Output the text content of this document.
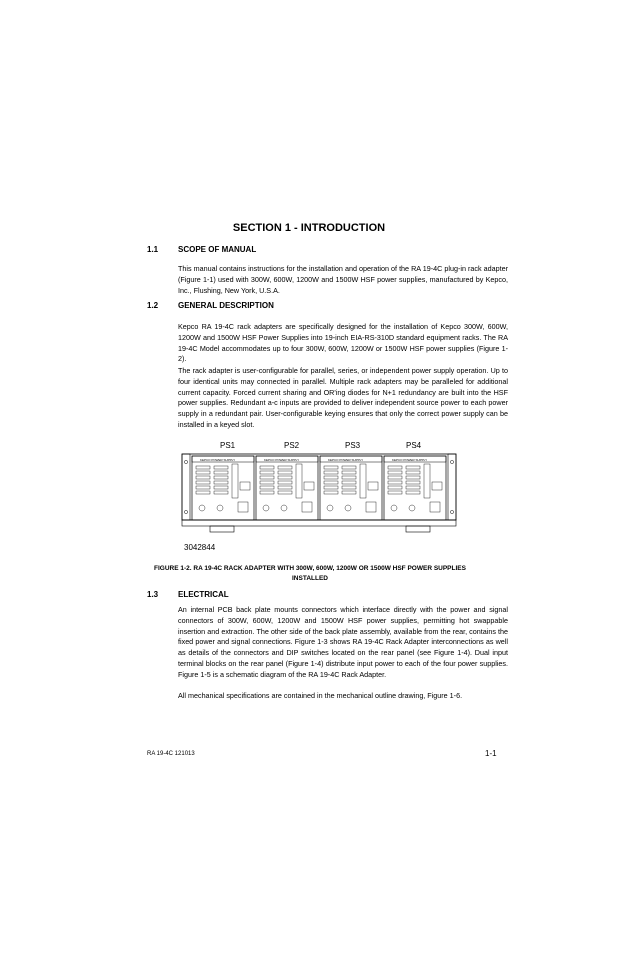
SECTION 1 - INTRODUCTION
1.1 SCOPE OF MANUAL

This manual contains instructions for the installation and operation of the RA 19-4C plug-in rack adapter (Figure 1-1) used with 300W, 600W, 1200W and 1500W HSF power supplies, manufactured by Kepco, Inc., Flushing, New York, U.S.A.

1.2 GENERAL DESCRIPTION

Kepco RA 19-4C rack adapters are specifically designed for the installation of Kepco 300W, 600W, 1200W and 1500W HSF Power Supplies into 19-inch EIA-RS-310D standard equipment racks. The RA 19-4C Model accommodates up to four 300W, 600W, 1200W or 1500W HSF power supplies (Figure 1-2).

The rack adapter is user-configurable for parallel, series, or independent power supply operation. Up to four identical units may connected in parallel. Multiple rack adapters may be paralleled for additional current capacity. Forced current sharing and OR'ing diodes for N+1 redundancy are built into the HSF power supplies. Redundant a-c inputs are provided to deliver independent source power to each power supply in a redundant pair. User-configurable keying ensures that only the correct power supply can be installed in a keyed slot.

PS1	PS2	PS3	PS4
KEPCO POWER SUPPLY	KEPCO POWER SUPPLY	KEPCO POWER SUPPLY	KEPCO POWER SUPPLY
3042844
FIGURE 1-2. RA 19-4C RACK ADAPTER WITH 300W, 600W, 1200W OR 1500W HSF POWER SUPPLIES
INSTALLED
1.3 ELECTRICAL

An internal PCB back plate mounts connectors which interface directly with the power and signal connectors of 300W, 600W, 1200W and 1500W HSF power supplies, permitting hot swappable insertion and extraction. The other side of the back plate assembly, available from the rear, contains the fixed power and signal connections. Figure 1-3 shows RA 19-4C Rack Adapter interconnections as well as details of the connectors and DIP switches located on the rear panel (see Figure 1-4). Dual input terminal blocks on the rear panel (Figure 1-4) distribute input power to each of the four power supplies. Figure 1-5 is a schematic diagram of the RA 19-4C Rack Adapter.

All mechanical specifications are contained in the mechanical outline drawing, Figure 1-6.

RA 19-4C 121013	1-1
